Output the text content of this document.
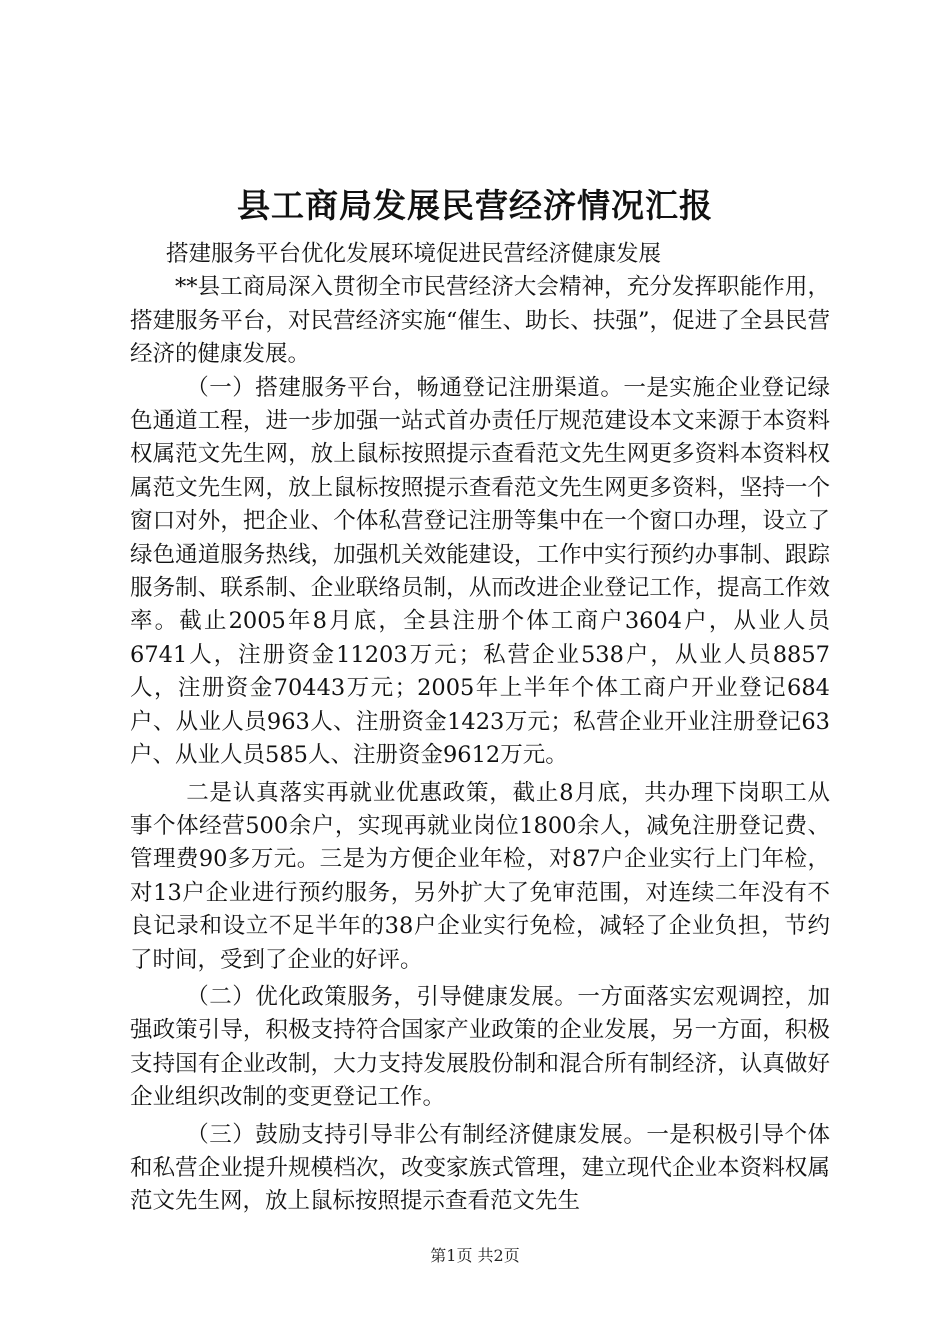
县工商局发展民营经济情况汇报

搭建服务平台优化发展环境促进民营经济健康发展

**县工商局深入贯彻全市民营经济大会精神，充分发挥职能作用，搭建服务平台，对民营经济实施“催生、助长、扶强”，促进了全县民营经济的健康发展。

（一）搭建服务平台，畅通登记注册渠道。一是实施企业登记绿色通道工程，进一步加强一站式首办责任厅规范建设本文来源于本资料权属范文先生网，放上鼠标按照提示查看范文先生网更多资料本资料权属范文先生网，放上鼠标按照提示查看范文先生网更多资料，坚持一个窗口对外，把企业、个体私营登记注册等集中在一个窗口办理，设立了绿色通道服务热线，加强机关效能建设，工作中实行预约办事制、跟踪服务制、联系制、企业联络员制，从而改进企业登记工作，提高工作效率。截止2005年8月底，全县注册个体工商户3604户，从业人员6741人，注册资金11203万元；私营企业538户，从业人员8857人，注册资金70443万元；2005年上半年个体工商户开业登记684户、从业人员963人、注册资金1423万元；私营企业开业注册登记63户、从业人员585人、注册资金9612万元。

二是认真落实再就业优惠政策，截止8月底，共办理下岗职工从事个体经营500余户，实现再就业岗位1800余人，减免注册登记费、管理费90多万元。三是为方便企业年检，对87户企业实行上门年检，对13户企业进行预约服务，另外扩大了免审范围，对连续二年没有不良记录和设立不足半年的38户企业实行免检，减轻了企业负担，节约了时间，受到了企业的好评。

（二）优化政策服务，引导健康发展。一方面落实宏观调控，加强政策引导，积极支持符合国家产业政策的企业发展，另一方面，积极支持国有企业改制，大力支持发展股份制和混合所有制经济，认真做好企业组织改制的变更登记工作。

（三）鼓励支持引导非公有制经济健康发展。一是积极引导个体和私营企业提升规模档次，改变家族式管理，建立现代企业本资料权属范文先生网，放上鼠标按照提示查看范文先生

第1页 共2页
